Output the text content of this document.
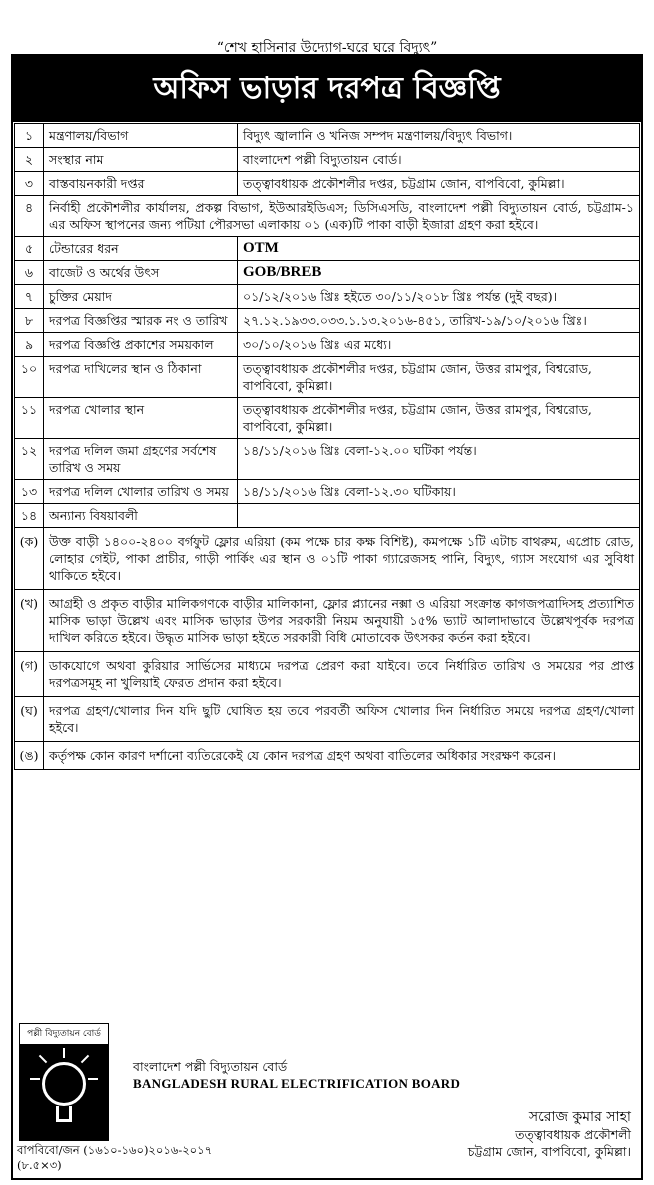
“শেখ হাসিনার উদ্যোগ-ঘরে ঘরে বিদ্যুৎ”
অফিস ভাড়ার দরপত্র বিজ্ঞপ্তি
১	মন্ত্রণালয়/বিভাগ	বিদ্যুৎ জ্বালানি ও খনিজ সম্পদ মন্ত্রণালয়/বিদ্যুৎ বিভাগ।
২	সংস্থার নাম	বাংলাদেশ পল্লী বিদ্যুতায়ন বোর্ড।
৩	বাস্তবায়নকারী দপ্তর	তত্ত্বাবধায়ক প্রকৌশলীর দপ্তর, চট্টগ্রাম জোন, বাপবিবো, কুমিল্লা।
৪	নির্বাহী প্রকৌশলীর কার্যালয়, প্রকল্প বিভাগ, ইউআরইডিএস; ডিসিএসডি, বাংলাদেশ পল্লী বিদ্যুতায়ন বোর্ড, চট্টগ্রাম-১ এর অফিস স্থাপনের জন্য পটিয়া পৌরসভা এলাকায় ০১ (এক)টি পাকা বাড়ী ইজারা গ্রহণ করা হইবে।	
৫	টেন্ডারের ধরন	OTM
৬	বাজেট ও অর্থের উৎস	GOB/BREB
৭	চুক্তির মেয়াদ	০১/১২/২০১৬ খ্রিঃ হইতে ৩০/১১/২০১৮ খ্রিঃ পর্যন্ত (দুই বছর)।
৮	দরপত্র বিজ্ঞপ্তির স্মারক নং ও তারিখ	২৭.১২.১৯৩৩.০৩৩.১.১৩.২০১৬-৪৫১, তারিখ-১৯/১০/২০১৬ খ্রিঃ।
৯	দরপত্র বিজ্ঞপ্তি প্রকাশের সময়কাল	৩০/১০/২০১৬ খ্রিঃ এর মধ্যে।
১০	দরপত্র দাখিলের স্থান ও ঠিকানা	তত্ত্বাবধায়ক প্রকৌশলীর দপ্তর, চট্টগ্রাম জোন, উত্তর রামপুর, বিশ্বরোড, বাপবিবো, কুমিল্লা।
১১	দরপত্র খোলার স্থান	তত্ত্বাবধায়ক প্রকৌশলীর দপ্তর, চট্টগ্রাম জোন, উত্তর রামপুর, বিশ্বরোড, বাপবিবো, কুমিল্লা।
১২	দরপত্র দলিল জমা গ্রহণের সর্বশেষ তারিখ ও সময়	১৪/১১/২০১৬ খ্রিঃ বেলা-১২.০০ ঘটিকা পর্যন্ত।
১৩	দরপত্র দলিল খোলার তারিখ ও সময়	১৪/১১/২০১৬ খ্রিঃ বেলা-১২.৩০ ঘটিকায়।
১৪	অন্যান্য বিষয়াবলী	
(ক)	উক্ত বাড়ী ১৪০০-২৪০০ বর্গফুট ফ্লোর এরিয়া (কম পক্ষে চার কক্ষ বিশিষ্ট), কমপক্ষে ১টি এটাচ বাথরুম, এপ্রোচ রোড, লোহার গেইট, পাকা প্রাচীর, গাড়ী পার্কিং এর স্থান ও ০১টি পাকা গ্যারেজসহ পানি, বিদ্যুৎ, গ্যাস সংযোগ এর সুবিধা থাকিতে হইবে।	
(খ)	আগ্রহী ও প্রকৃত বাড়ীর মালিকগণকে বাড়ীর মালিকানা, ফ্লোর প্ল্যানের নক্সা ও এরিয়া সংক্রান্ত কাগজপত্রাদিসহ প্রত্যাশিত মাসিক ভাড়া উল্লেখ এবং মাসিক ভাড়ার উপর সরকারী নিয়ম অনুযায়ী ১৫% ভ্যাট আলাদাভাবে উল্লেখপূর্বক দরপত্র দাখিল করিতে হইবে। উদ্ধৃত মাসিক ভাড়া হইতে সরকারী বিধি মোতাবেক উৎসকর কর্তন করা হইবে।	
(গ)	ডাকযোগে অথবা কুরিয়ার সার্ভিসের মাধ্যমে দরপত্র প্রেরণ করা যাইবে। তবে নির্ধারিত তারিখ ও সময়ের পর প্রাপ্ত দরপত্রসমূহ না খুলিয়াই ফেরত প্রদান করা হইবে।	
(ঘ)	দরপত্র গ্রহণ/খোলার দিন যদি ছুটি ঘোষিত হয় তবে পরবর্তী অফিস খোলার দিন নির্ধারিত সময়ে দরপত্র গ্রহণ/খোলা হইবে।	
(ঙ)	কর্তৃপক্ষ কোন কারণ দর্শানো ব্যতিরেকেই যে কোন দরপত্র গ্রহণ অথবা বাতিলের অধিকার সংরক্ষণ করেন।	
পল্লী বিদ্যুতায়ন বোর্ড
বাংলাদেশ পল্লী বিদ্যুতায়ন বোর্ড
BANGLADESH RURAL ELECTRIFICATION BOARD
সরোজ কুমার সাহা
তত্ত্বাবধায়ক প্রকৌশলী
চট্টগ্রাম জোন, বাপবিবো, কুমিল্লা।
বাপবিবো/জন (১৬১০-১৬০)২০১৬-২০১৭
(৮.৫×৩)
